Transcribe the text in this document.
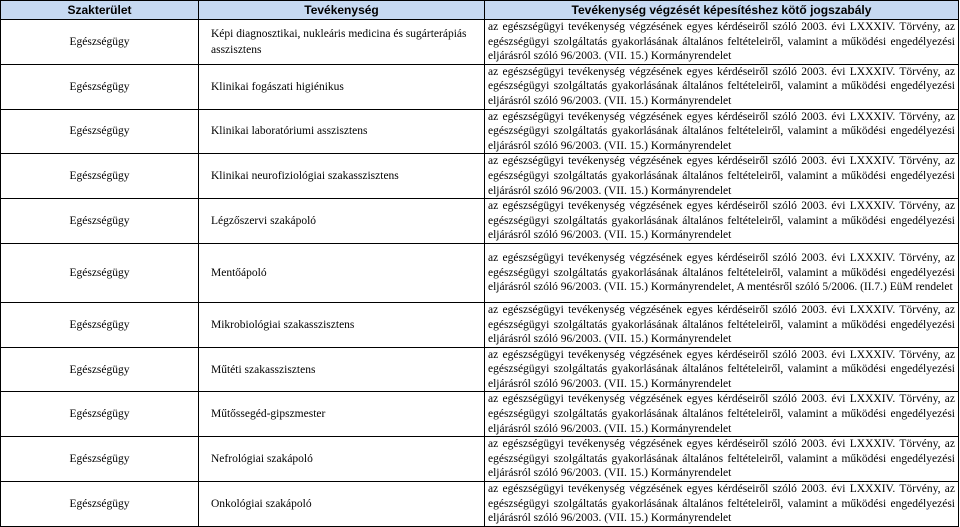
Szakterület	Tevékenység	Tevékenység végzését képesítéshez kötő jogszabály
Egészségügy	Képi diagnosztikai, nukleáris medicina és sugárterápiás asszisztens	az egészségügyi tevékenység végzésének egyes kérdéseiről szóló 2003. évi LXXXIV. Törvény, az egészségügyi szolgáltatás gyakorlásának általános feltételeiről, valamint a működési engedélyezési eljárásról szóló 96/2003. (VII. 15.) Kormányrendelet

Egészségügy	Klinikai fogászati higiénikus	az egészségügyi tevékenység végzésének egyes kérdéseiről szóló 2003. évi LXXXIV. Törvény, az egészségügyi szolgáltatás gyakorlásának általános feltételeiről, valamint a működési engedélyezési eljárásról szóló 96/2003. (VII. 15.) Kormányrendelet

Egészségügy	Klinikai laboratóriumi asszisztens	az egészségügyi tevékenység végzésének egyes kérdéseiről szóló 2003. évi LXXXIV. Törvény, az egészségügyi szolgáltatás gyakorlásának általános feltételeiről, valamint a működési engedélyezési eljárásról szóló 96/2003. (VII. 15.) Kormányrendelet

Egészségügy	Klinikai neurofiziológiai szakasszisztens	az egészségügyi tevékenység végzésének egyes kérdéseiről szóló 2003. évi LXXXIV. Törvény, az egészségügyi szolgáltatás gyakorlásának általános feltételeiről, valamint a működési engedélyezési eljárásról szóló 96/2003. (VII. 15.) Kormányrendelet

Egészségügy	Légzőszervi szakápoló	az egészségügyi tevékenység végzésének egyes kérdéseiről szóló 2003. évi LXXXIV. Törvény, az egészségügyi szolgáltatás gyakorlásának általános feltételeiről, valamint a működési engedélyezési eljárásról szóló 96/2003. (VII. 15.) Kormányrendelet

Egészségügy	Mentőápoló	az egészségügyi tevékenység végzésének egyes kérdéseiről szóló 2003. évi LXXXIV. Törvény, az egészségügyi szolgáltatás gyakorlásának általános feltételeiről, valamint a működési engedélyezési eljárásról szóló 96/2003. (VII. 15.) Kormányrendelet, A mentésről szóló 5/2006. (II.7.) EüM rendelet

Egészségügy	Mikrobiológiai szakasszisztens	az egészségügyi tevékenység végzésének egyes kérdéseiről szóló 2003. évi LXXXIV. Törvény, az egészségügyi szolgáltatás gyakorlásának általános feltételeiről, valamint a működési engedélyezési eljárásról szóló 96/2003. (VII. 15.) Kormányrendelet

Egészségügy	Műtéti szakasszisztens	az egészségügyi tevékenység végzésének egyes kérdéseiről szóló 2003. évi LXXXIV. Törvény, az egészségügyi szolgáltatás gyakorlásának általános feltételeiről, valamint a működési engedélyezési eljárásról szóló 96/2003. (VII. 15.) Kormányrendelet

Egészségügy	Műtőssegéd-gipszmester	az egészségügyi tevékenység végzésének egyes kérdéseiről szóló 2003. évi LXXXIV. Törvény, az egészségügyi szolgáltatás gyakorlásának általános feltételeiről, valamint a működési engedélyezési eljárásról szóló 96/2003. (VII. 15.) Kormányrendelet

Egészségügy	Nefrológiai szakápoló	az egészségügyi tevékenység végzésének egyes kérdéseiről szóló 2003. évi LXXXIV. Törvény, az egészségügyi szolgáltatás gyakorlásának általános feltételeiről, valamint a működési engedélyezési eljárásról szóló 96/2003. (VII. 15.) Kormányrendelet

Egészségügy	Onkológiai szakápoló	az egészségügyi tevékenység végzésének egyes kérdéseiről szóló 2003. évi LXXXIV. Törvény, az egészségügyi szolgáltatás gyakorlásának általános feltételeiről, valamint a működési engedélyezési eljárásról szóló 96/2003. (VII. 15.) Kormányrendelet
